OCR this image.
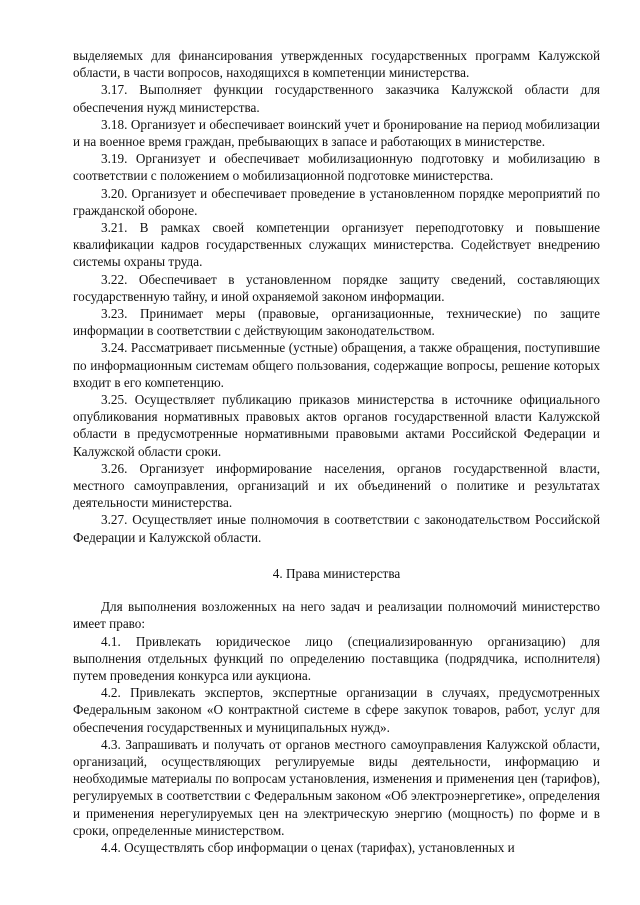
выделяемых для финансирования утвержденных государственных программ Калужской области, в части вопросов, находящихся в компетенции министерства.

3.17. Выполняет функции государственного заказчика Калужской области для обеспечения нужд министерства.

3.18. Организует и обеспечивает воинский учет и бронирование на период мобилизации и на военное время граждан, пребывающих в запасе и работающих в министерстве.

3.19. Организует и обеспечивает мобилизационную подготовку и мобилизацию в соответствии с положением о мобилизационной подготовке министерства.

3.20. Организует и обеспечивает проведение в установленном порядке мероприятий по гражданской обороне.

3.21. В рамках своей компетенции организует переподготовку и повышение квалификации кадров государственных служащих министерства. Содействует внедрению системы охраны труда.

3.22. Обеспечивает в установленном порядке защиту сведений, составляющих государственную тайну, и иной охраняемой законом информации.

3.23. Принимает меры (правовые, организационные, технические) по защите информации в соответствии с действующим законодательством.

3.24. Рассматривает письменные (устные) обращения, а также обращения, поступившие по информационным системам общего пользования, содержащие вопросы, решение которых входит в его компетенцию.

3.25. Осуществляет публикацию приказов министерства в источнике официального опубликования нормативных правовых актов органов государственной власти Калужской области в предусмотренные нормативными правовыми актами Российской Федерации и Калужской области сроки.

3.26. Организует информирование населения, органов государственной власти, местного самоуправления, организаций и их объединений о политике и результатах деятельности министерства.

3.27. Осуществляет иные полномочия в соответствии с законодательством Российской Федерации и Калужской области.

4. Права министерства

Для выполнения возложенных на него задач и реализации полномочий министерство имеет право:

4.1. Привлекать юридическое лицо (специализированную организацию) для выполнения отдельных функций по определению поставщика (подрядчика, исполнителя) путем проведения конкурса или аукциона.

4.2. Привлекать экспертов, экспертные организации в случаях, предусмотренных Федеральным законом «О контрактной системе в сфере закупок товаров, работ, услуг для обеспечения государственных и муниципальных нужд».

4.3. Запрашивать и получать от органов местного самоуправления Калужской области, организаций, осуществляющих регулируемые виды деятельности, информацию и необходимые материалы по вопросам установления, изменения и применения цен (тарифов), регулируемых в соответствии с Федеральным законом «Об электроэнергетике», определения и применения нерегулируемых цен на электрическую энергию (мощность) по форме и в сроки, определенные министерством.

4.4. Осуществлять сбор информации о ценах (тарифах), установленных и
